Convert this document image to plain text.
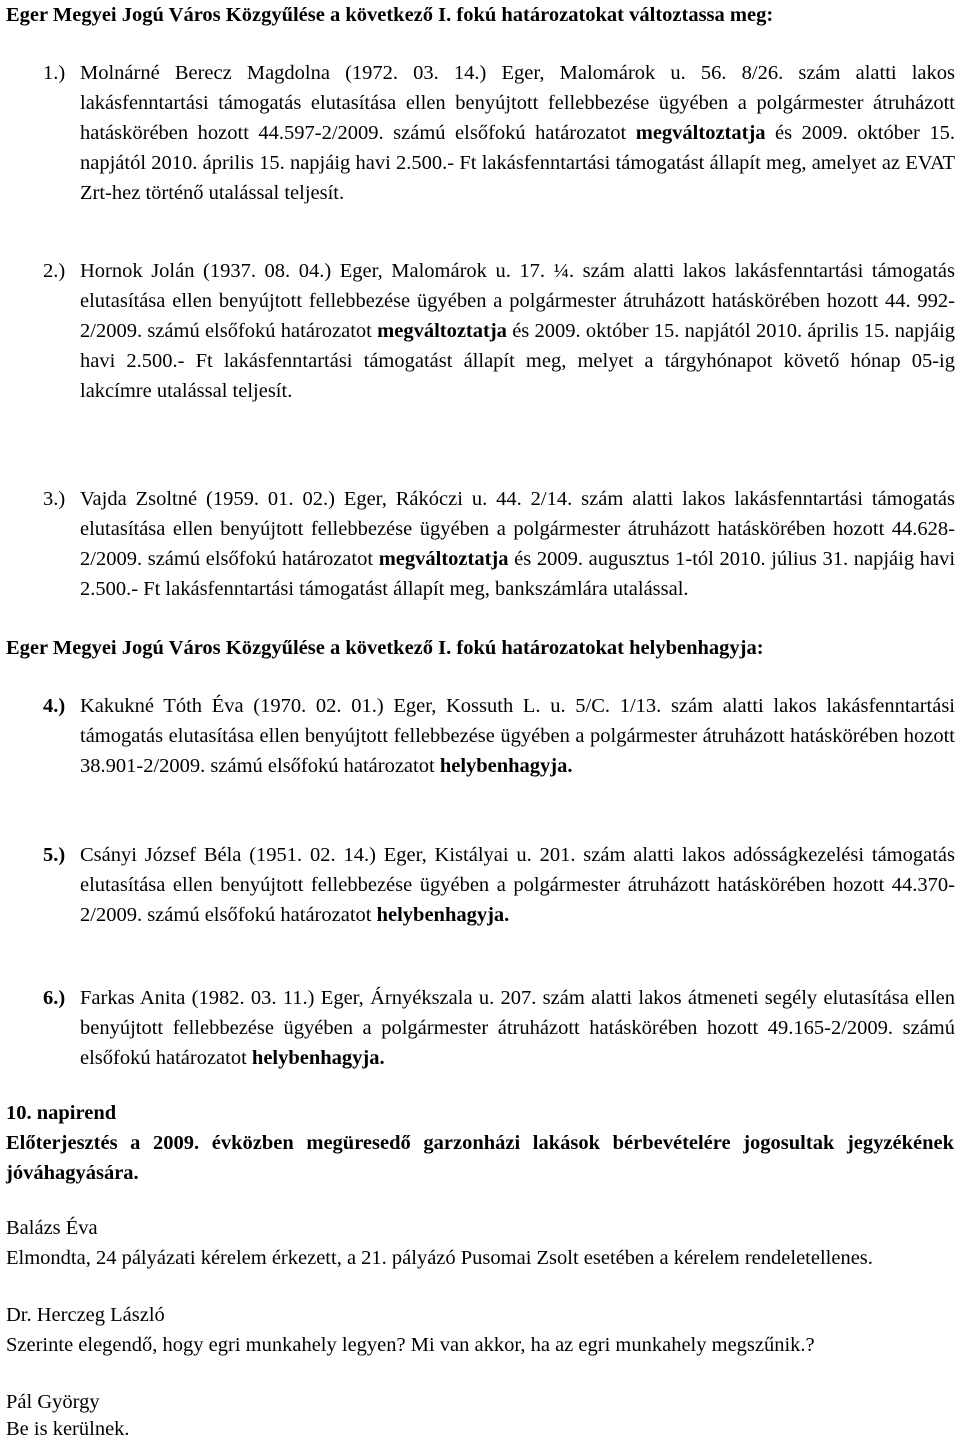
Eger Megyei Jogú Város Közgyűlése a következő I. fokú határozatokat változtassa meg:
1.) Molnárné Berecz Magdolna (1972. 03. 14.) Eger, Malomárok u. 56. 8/26. szám alatti lakos lakásfenntartási támogatás elutasítása ellen benyújtott fellebbezése ügyében a polgármester átruházott hatáskörében hozott 44.597-2/2009. számú elsőfokú határozatot megváltoztatja és 2009. október 15. napjától 2010. április 15. napjáig havi 2.500.- Ft lakásfenntartási támogatást állapít meg, amelyet az EVAT Zrt-hez történő utalással teljesít.
2.) Hornok Jolán (1937. 08. 04.) Eger, Malomárok u. 17. ¼. szám alatti lakos lakásfenntartási támogatás elutasítása ellen benyújtott fellebbezése ügyében a polgármester átruházott hatáskörében hozott 44. 992-2/2009. számú elsőfokú határozatot megváltoztatja és 2009. október 15. napjától 2010. április 15. napjáig havi 2.500.- Ft lakásfenntartási támogatást állapít meg, melyet a tárgyhónapot követő hónap 05-ig lakcímre utalással teljesít.
3.) Vajda Zsoltné (1959. 01. 02.) Eger, Rákóczi u. 44. 2/14. szám alatti lakos lakásfenntartási támogatás elutasítása ellen benyújtott fellebbezése ügyében a polgármester átruházott hatáskörében hozott 44.628-2/2009. számú elsőfokú határozatot megváltoztatja és 2009. augusztus 1-tól 2010. július 31. napjáig havi 2.500.- Ft lakásfenntartási támogatást állapít meg, bankszámlára utalással.
Eger Megyei Jogú Város Közgyűlése a következő I. fokú határozatokat helybenhagyja:
4.) Kakukné Tóth Éva (1970. 02. 01.) Eger, Kossuth L. u. 5/C. 1/13. szám alatti lakos lakásfenntartási támogatás elutasítása ellen benyújtott fellebbezése ügyében a polgármester átruházott hatáskörében hozott 38.901-2/2009. számú elsőfokú határozatot helybenhagyja.
5.) Csányi József Béla (1951. 02. 14.) Eger, Kistályai u. 201. szám alatti lakos adósságkezelési támogatás elutasítása ellen benyújtott fellebbezése ügyében a polgármester átruházott hatáskörében hozott 44.370-2/2009. számú elsőfokú határozatot helybenhagyja.
6.) Farkas Anita (1982. 03. 11.) Eger, Árnyékszala u. 207. szám alatti lakos átmeneti segély elutasítása ellen benyújtott fellebbezése ügyében a polgármester átruházott hatáskörében hozott 49.165-2/2009. számú elsőfokú határozatot helybenhagyja.
10. napirend
Előterjesztés a 2009. évközben megüresedő garzonházi lakások bérbevételére jogosultak jegyzékének jóváhagyására.
Balázs Éva
Elmondta, 24 pályázati kérelem érkezett, a 21. pályázó Pusomai Zsolt esetében a kérelem rendeletellenes.
Dr. Herczeg László
Szerinte elegendő, hogy egri munkahely legyen? Mi van akkor, ha az egri munkahely megszűnik.?
Pál György
Be is kerülnek.
